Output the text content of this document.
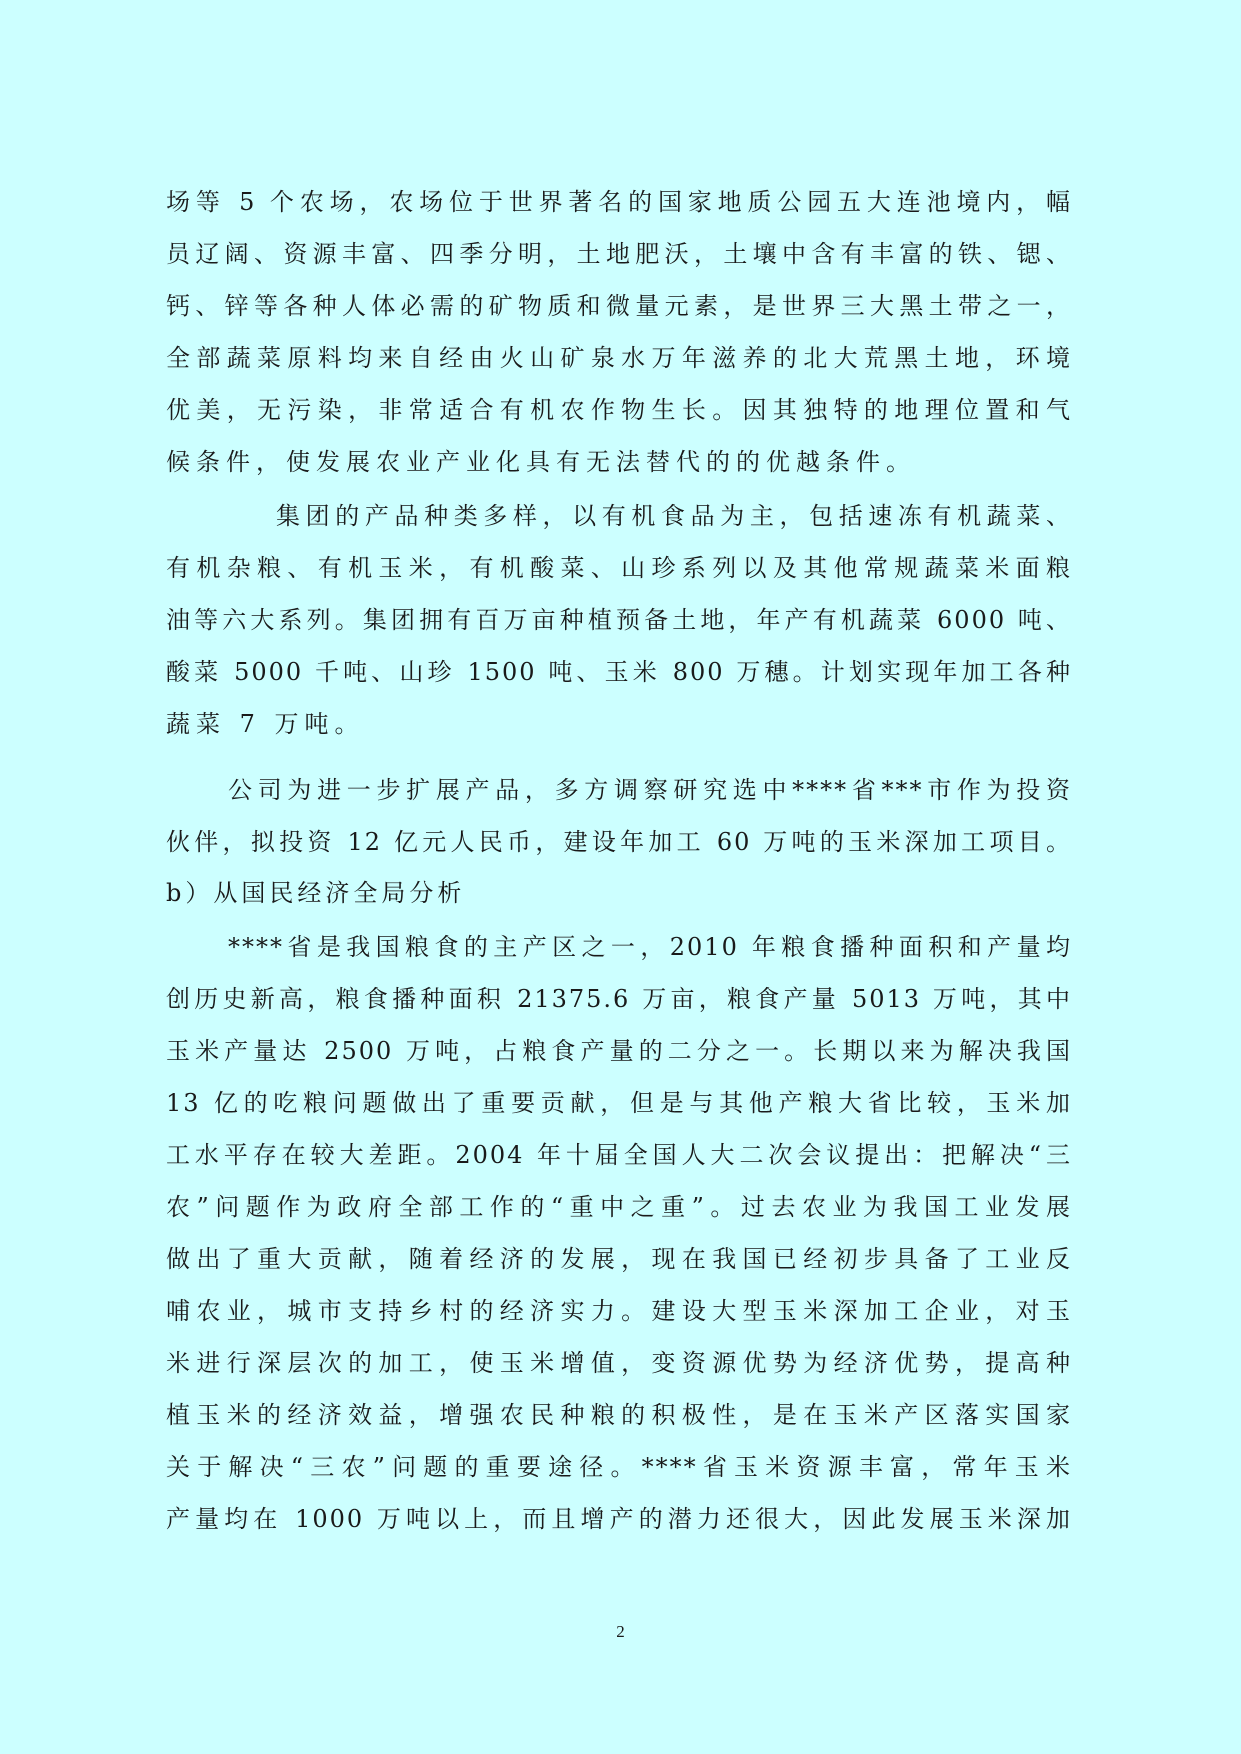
场等 5 个农场，农场位于世界著名的国家地质公园五大连池境内，幅
员辽阔、资源丰富、四季分明，土地肥沃，土壤中含有丰富的铁、锶、
钙、锌等各种人体必需的矿物质和微量元素，是世界三大黑土带之一，
全部蔬菜原料均来自经由火山矿泉水万年滋养的北大荒黑土地，环境
优美，无污染，非常适合有机农作物生长。因其独特的地理位置和气
候条件，使发展农业产业化具有无法替代的的优越条件。
集团的产品种类多样，以有机食品为主，包括速冻有机蔬菜、
有机杂粮、有机玉米，有机酸菜、山珍系列以及其他常规蔬菜米面粮
油等六大系列。集团拥有百万亩种植预备土地，年产有机蔬菜 6000 吨、
酸菜 5000 千吨、山珍 1500 吨、玉米 800 万穗。计划实现年加工各种
蔬菜 7 万吨。
公司为进一步扩展产品，多方调察研究选中****省***市作为投资
伙伴，拟投资 12 亿元人民币，建设年加工 60 万吨的玉米深加工项目。
b）从国民经济全局分析
****省是我国粮食的主产区之一，2010 年粮食播种面积和产量均
创历史新高，粮食播种面积 21375.6 万亩，粮食产量 5013 万吨，其中
玉米产量达 2500 万吨，占粮食产量的二分之一。长期以来为解决我国
13 亿的吃粮问题做出了重要贡献，但是与其他产粮大省比较，玉米加
工水平存在较大差距。2004 年十届全国人大二次会议提出：把解决“三
农”问题作为政府全部工作的“重中之重”。过去农业为我国工业发展
做出了重大贡献，随着经济的发展，现在我国已经初步具备了工业反
哺农业，城市支持乡村的经济实力。建设大型玉米深加工企业，对玉
米进行深层次的加工，使玉米增值，变资源优势为经济优势，提高种
植玉米的经济效益，增强农民种粮的积极性，是在玉米产区落实国家
关于解决“三农”问题的重要途径。****省玉米资源丰富，常年玉米
产量均在 1000 万吨以上，而且增产的潜力还很大，因此发展玉米深加
2
